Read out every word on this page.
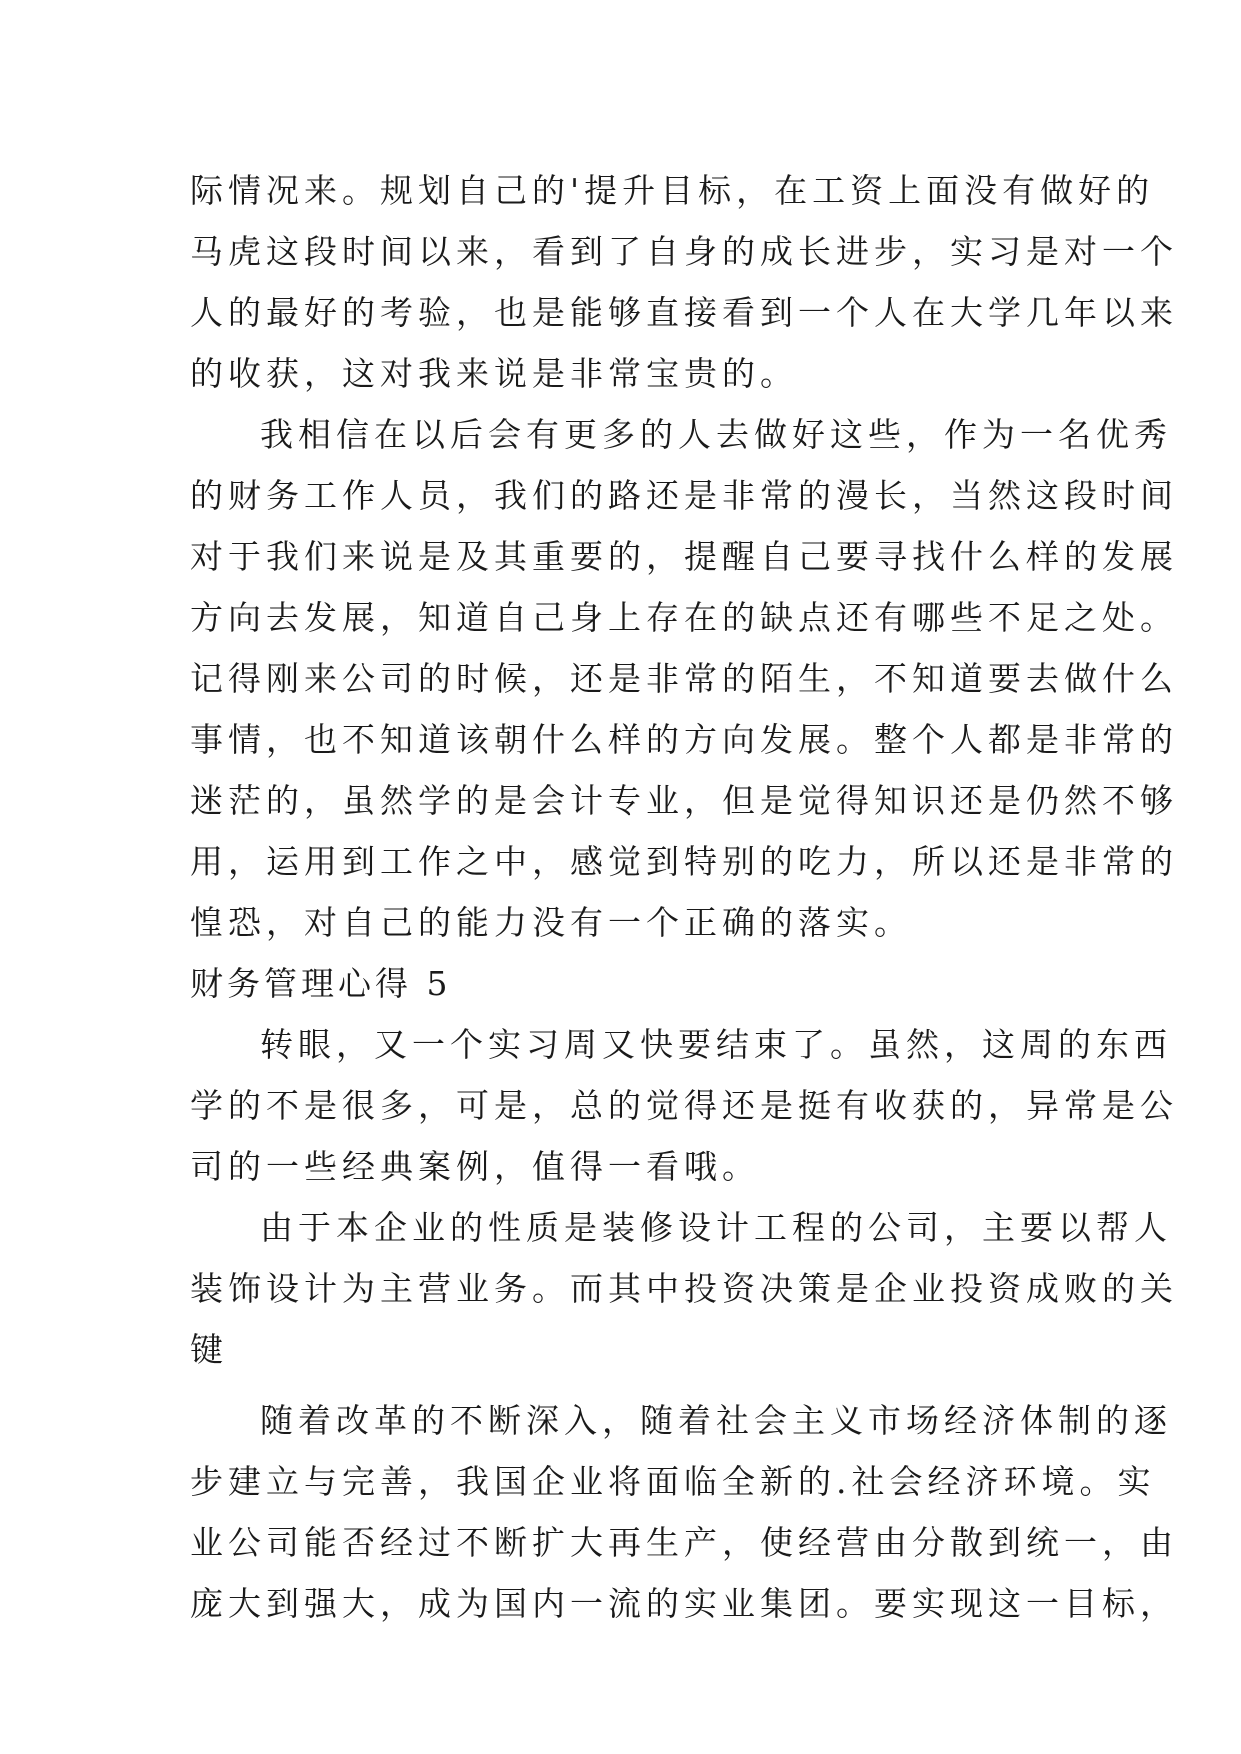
际情况来。规划自己的'提升目标，在工资上面没有做好的
马虎这段时间以来，看到了自身的成长进步，实习是对一个
人的最好的考验，也是能够直接看到一个人在大学几年以来
的收获，这对我来说是非常宝贵的。
我相信在以后会有更多的人去做好这些，作为一名优秀
的财务工作人员，我们的路还是非常的漫长，当然这段时间
对于我们来说是及其重要的，提醒自己要寻找什么样的发展
方向去发展，知道自己身上存在的缺点还有哪些不足之处。
记得刚来公司的时候，还是非常的陌生，不知道要去做什么
事情，也不知道该朝什么样的方向发展。整个人都是非常的
迷茫的，虽然学的是会计专业，但是觉得知识还是仍然不够
用，运用到工作之中，感觉到特别的吃力，所以还是非常的
惶恐，对自己的能力没有一个正确的落实。
财务管理心得 5
转眼，又一个实习周又快要结束了。虽然，这周的东西
学的不是很多，可是，总的觉得还是挺有收获的，异常是公
司的一些经典案例，值得一看哦。
由于本企业的性质是装修设计工程的公司，主要以帮人
装饰设计为主营业务。而其中投资决策是企业投资成败的关
键
随着改革的不断深入，随着社会主义市场经济体制的逐
步建立与完善，我国企业将面临全新的.社会经济环境。实
业公司能否经过不断扩大再生产，使经营由分散到统一，由
庞大到强大，成为国内一流的实业集团。要实现这一目标，
